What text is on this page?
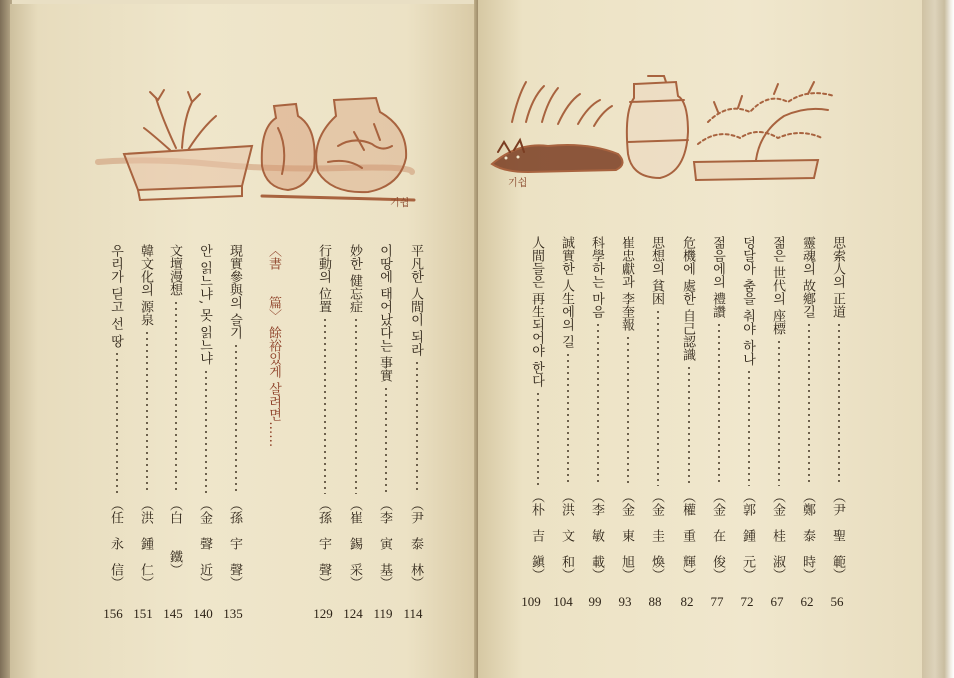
기쉽
기쉽
平凡한 人間이 되라
（尹　泰　林）
114
이땅에 태어났다는 事實
（李　寅　基）
119
妙한 健忘症
（崔　錫　采）
124
行動의 位置
（孫　宇　聲）
129
〈書　　篇〉 餘裕있게 살려면……
現實參與의 슬기
（孫　宇　聲）
135
안 읽느냐, 못 읽느냐
（金　聲　近）
140
文壇漫想
（白　　鐵）
145
韓文化의 源泉
（洪　鍾　仁）
151
우리가 딛고 선 땅
（任　永　信）
156
思索人의 正道
（尹　聖　範）
56
靈魂의 故鄕길
（鄭　泰　時）
62
젊은 世代의 座標
（金　桂　淑）
67
덩달아 춤을 춰야 하나
（郭　鍾　元）
72
젊음에의 禮讚
（金　在　俊）
77
危機에 處한 自己認識
（權　重　輝）
82
思想의 貧困
（金　圭　煥）
88
崔忠獻과 李奎報
（金　東　旭）
93
科學하는 마음
（李　敏　載）
99
誠實한 人生에의 길
（洪　文　和）
104
人間들은 再生되어야 한다
（朴　吉　鎭）
109
